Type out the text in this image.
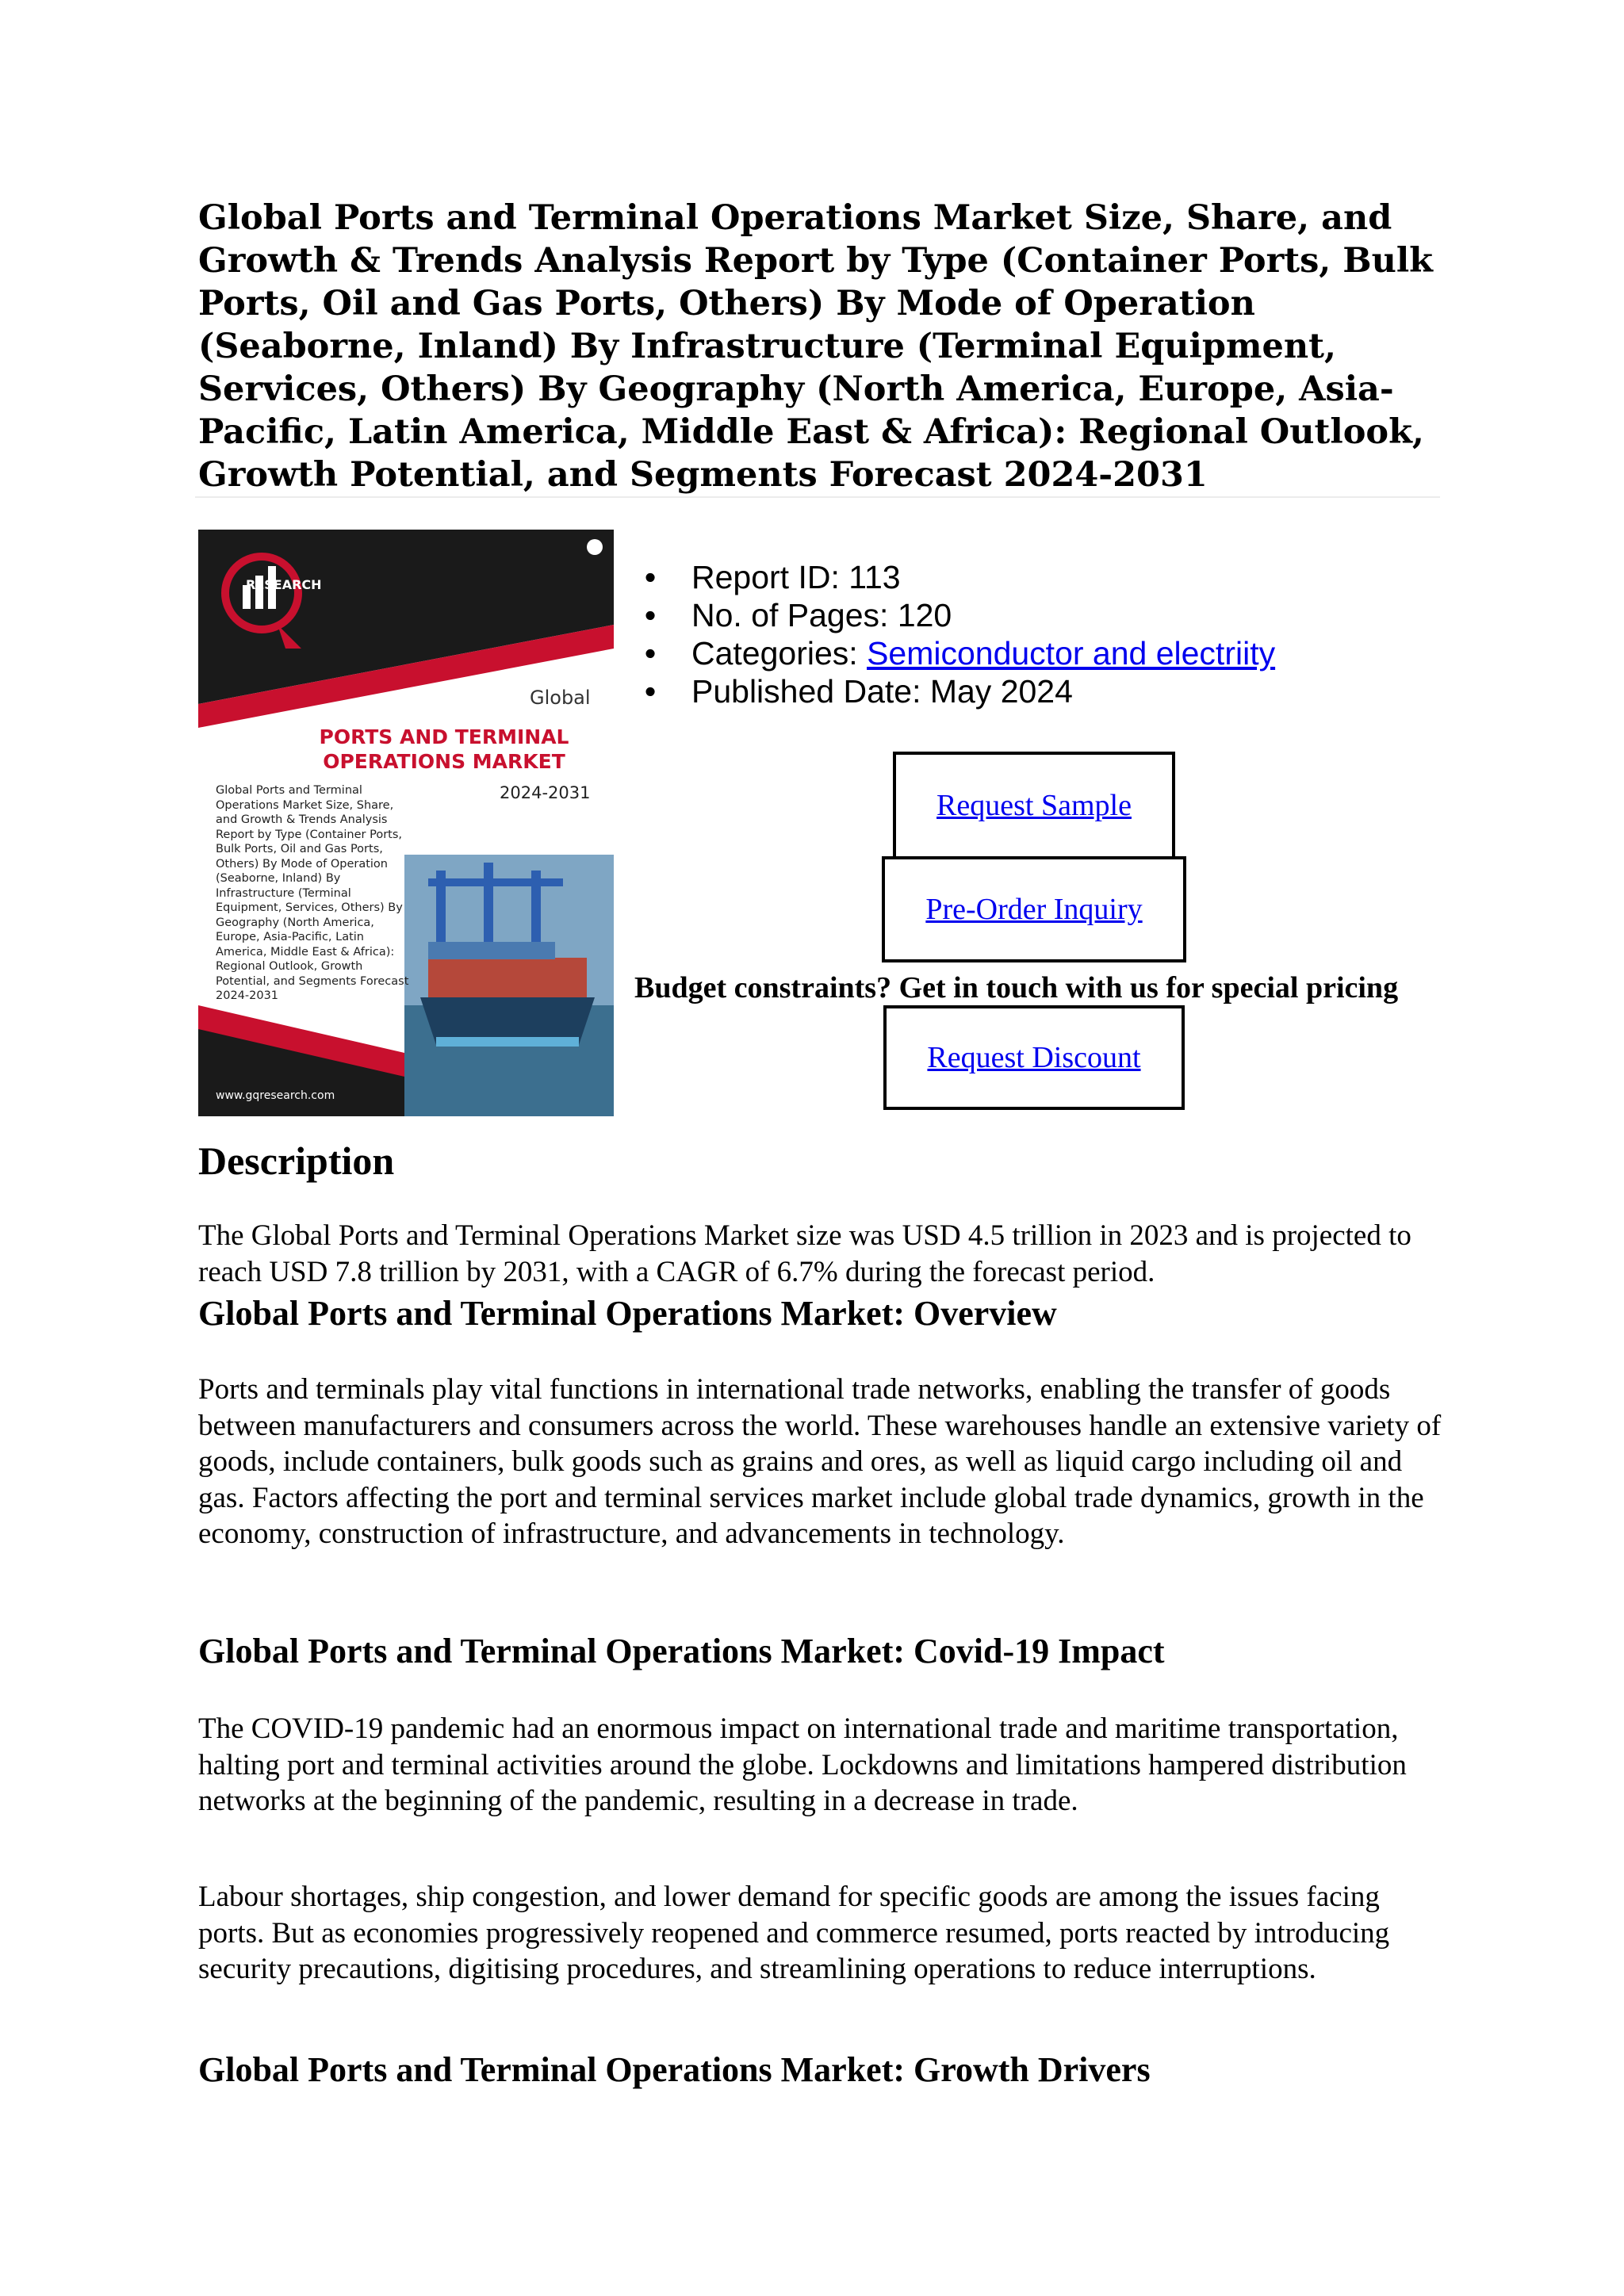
Global Ports and Terminal Operations Market Size, Share, and Growth & Trends Analysis Report by Type (Container Ports, Bulk Ports, Oil and Gas Ports, Others) By Mode of Operation (Seaborne, Inland) By Infrastructure (Terminal Equipment, Services, Others) By Geography (North America, Europe, Asia-Pacific, Latin America, Middle East & Africa): Regional Outlook, Growth Potential, and Segments Forecast 2024-2031
RESEARCH
Global
PORTS AND TERMINAL OPERATIONS MARKET
2024-2031
Global Ports and Terminal Operations Market Size, Share, and Growth & Trends Analysis Report by Type (Container Ports, Bulk Ports, Oil and Gas Ports, Others) By Mode of Operation (Seaborne, Inland) By Infrastructure (Terminal Equipment, Services, Others) By Geography (North America, Europe, Asia-Pacific, Latin America, Middle East & Africa): Regional Outlook, Growth Potential, and Segments Forecast 2024-2031
www.gqresearch.com
•	Report ID: 113
•	No. of Pages: 120
•	Categories: Semiconductor and electriity
•	Published Date: May 2024
Request Sample
Pre-Order Inquiry
Budget constraints? Get in touch with us for special pricing
Request Discount
Description

The Global Ports and Terminal Operations Market size was USD 4.5 trillion in 2023 and is projected to reach USD 7.8 trillion by 2031, with a CAGR of 6.7% during the forecast period.

Global Ports and Terminal Operations Market: Overview

Ports and terminals play vital functions in international trade networks, enabling the transfer of goods between manufacturers and consumers across the world. These warehouses handle an extensive variety of goods, include containers, bulk goods such as grains and ores, as well as liquid cargo including oil and gas. Factors affecting the port and terminal services market include global trade dynamics, growth in the economy, construction of infrastructure, and advancements in technology.

Global Ports and Terminal Operations Market: Covid-19 Impact

The COVID-19 pandemic had an enormous impact on international trade and maritime transportation, halting port and terminal activities around the globe. Lockdowns and limitations hampered distribution networks at the beginning of the pandemic, resulting in a decrease in trade.

Labour shortages, ship congestion, and lower demand for specific goods are among the issues facing ports. But as economies progressively reopened and commerce resumed, ports reacted by introducing security precautions, digitising procedures, and streamlining operations to reduce interruptions.

Global Ports and Terminal Operations Market: Growth Drivers
